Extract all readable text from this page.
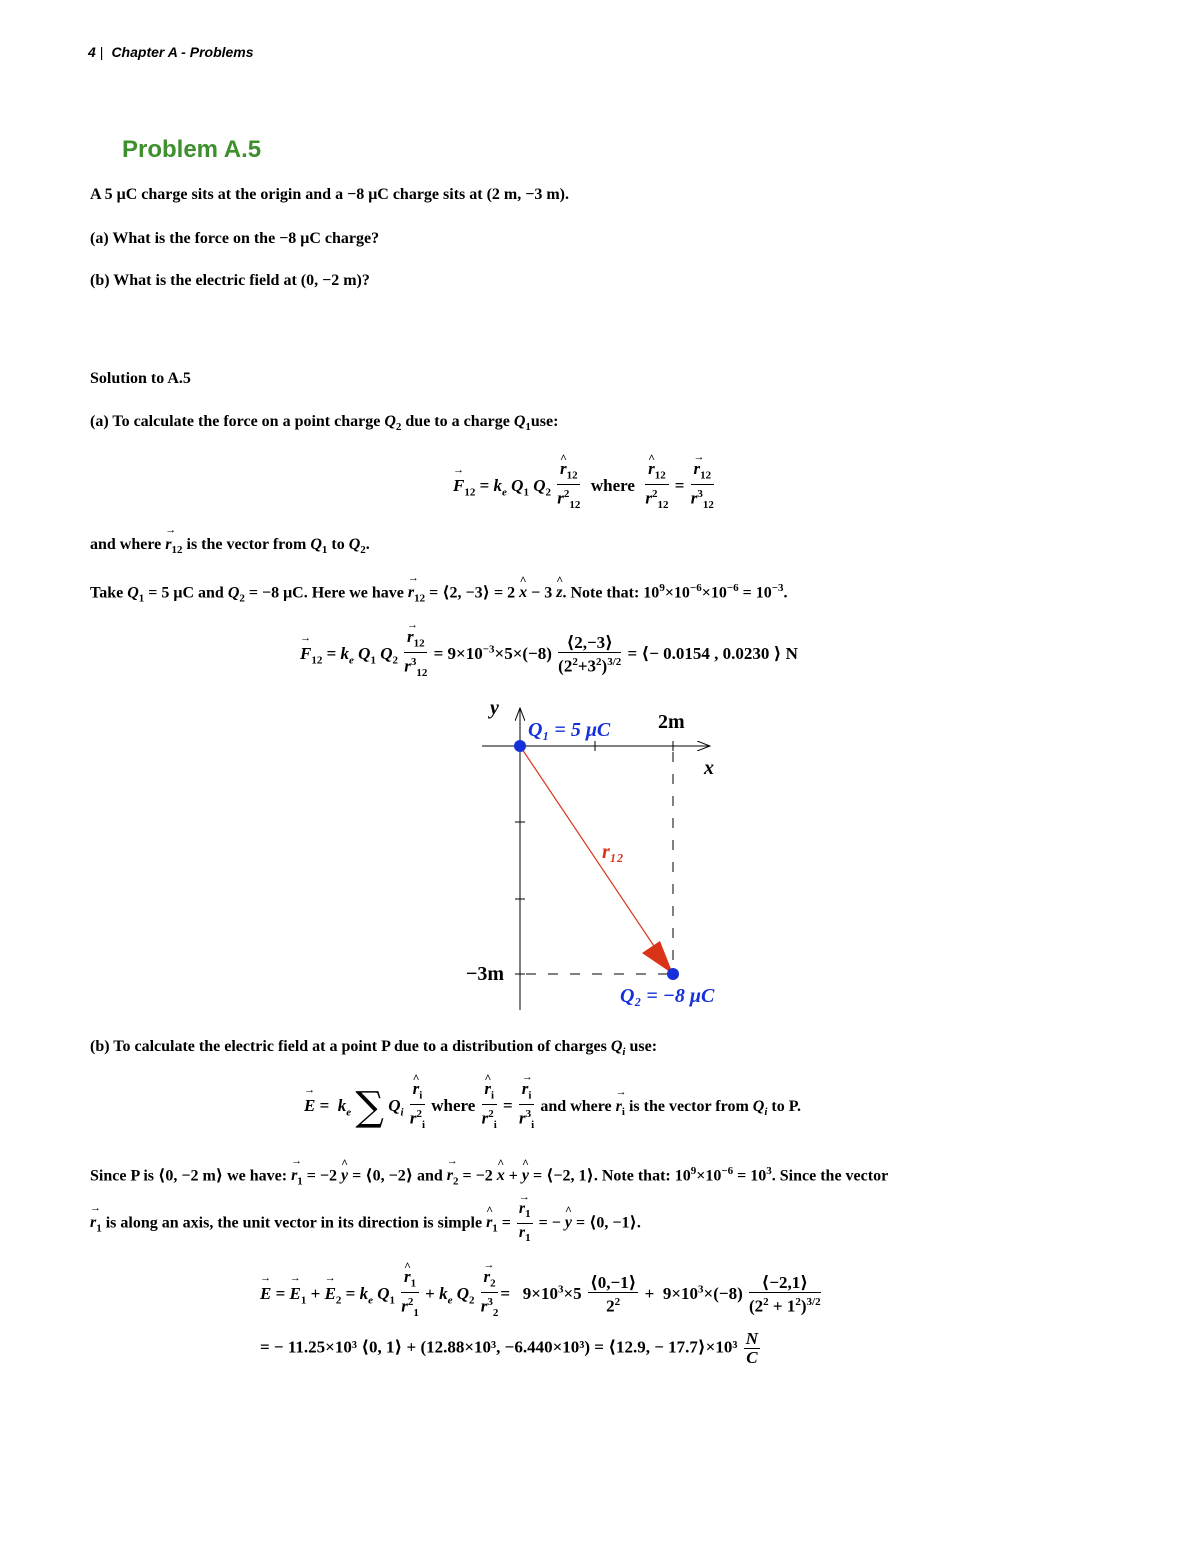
4 | Chapter A - Problems
Problem A.5
A 5 μC charge sits at the origin and a −8 μC charge sits at (2 m, −3 m).
(a) What is the force on the −8 μC charge?
(b) What is the electric field at (0, −2 m)?
Solution to A.5
(a) To calculate the force on a point charge $Q_2$ due to a charge $Q_1use$:
→ $F_{12} = k_e$ $Q_1$ $Q_2$
^ $\frac{r_{12}}{r^2_{12}}$ where
^ $\frac{r_{12}}{r^2_{12}}$ =
→ $\frac{r_{12}}{r^3_{12}}$
and where → $r_{12}$ is the vector from $Q_1$ to $Q_2$.
Take $Q_1 = 5$ μC and $Q_2 = -8$ μC. Here we have → $r_{12}$ = ⟨2, −3⟩ = 2 ^ x − 3 ^ z. Note that: $10^9\times 10^{-6}\times 10^{-6} = 10^{-3}$.
→ $F_{12} = k_e$ $Q_1$ $Q_2$
→ $\frac{r_{12}}{r^3_{12}} = 9\times 10^{-3}\times 5\times(-8) \frac{⟨2,-3⟩}{(2^2+3^2)^{3/2}}$ = ⟨− 0.0154 , 0.0230 ⟩ N
Q₁ = 5 μC
Q₂ = −8 μC
2m
−3m
x
y
r₁₂
(b) To calculate the electric field at a point P due to a distribution of charges $Q_i$ use:
→ $E = k_e$ ∑ $Q_i$
^ $\frac{r_i}{r^2_i}$ where
^ $\frac{r_i}{r^2_i}$ =
→ $\frac{r_i}{r^3_i}$ and where → $r_i$ is the vector from $Q_i$ to P.
Since P is ⟨0, −2 m⟩ we have: → $r_1 = -2$ ^ y = ⟨0, −2⟩ and → $r_2 = -2$ ^ x + ^ y = ⟨−2, 1⟩. Note that: $10^9\times 10^{-6} = 10^3$. Since the vector
→ $r_1$ is along an axis, the unit vector in its direction is simple ^ $r_1$ =
→ $\frac{r_1}{r_1}$ = − ^ y = ⟨0, −1⟩.
→ E = → $E_1$ + → $E_2 = k_e$ $Q_1$
^ $\frac{r_1}{r^2_1} + k_e$ $Q_2$
→ $\frac{r_2}{r^3_2} = 9\times 10^3\times 5 \frac{⟨0,-1⟩}{2^2} + 9\times 10^3\times(-8) \frac{⟨-2,1⟩}{(2^2 + 1^2)^{3/2}}$
= − 11.25×10³ ⟨0, 1⟩ + (12.88×10³, −6.440×10³) = ⟨12.9, − 17.7⟩×10³ $\frac{N}{C}$
